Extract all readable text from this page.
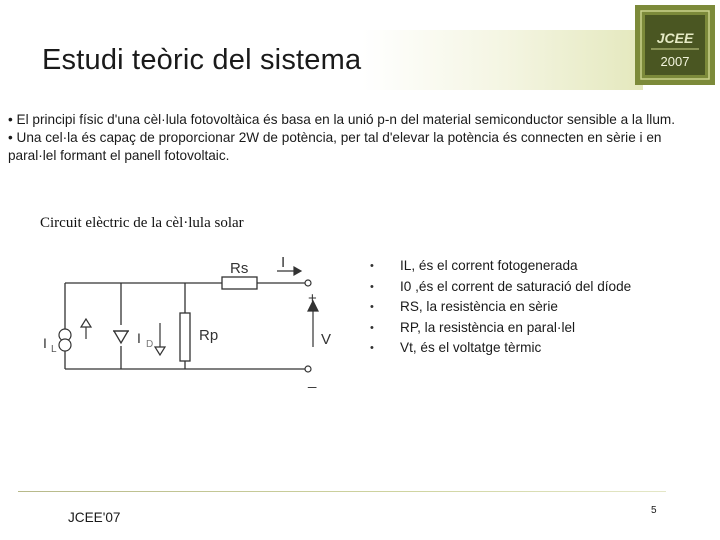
Estudi teòric del sistema
JCEE
2007

• El principi físic d'una cèl·lula fotovoltàica és basa en la unió p-n del material semiconductor sensible a la llum.

• Una cel·la és capaç de proporcionar 2W de potència, per tal d'elevar la potència és connecten en sèrie i en paral·lel formant el panell fotovoltaic.

Circuit elèctric de la cèl·lula solar
Rs I
+
_
V
I L
I D
Rp
• IL, és el corrent fotogenerada
• I0 ,és el corrent de saturació del díode
• RS, la resistència en sèrie
• RP, la resistència en paral·lel
• Vt, és el voltatge tèrmic
JCEE'07	5
